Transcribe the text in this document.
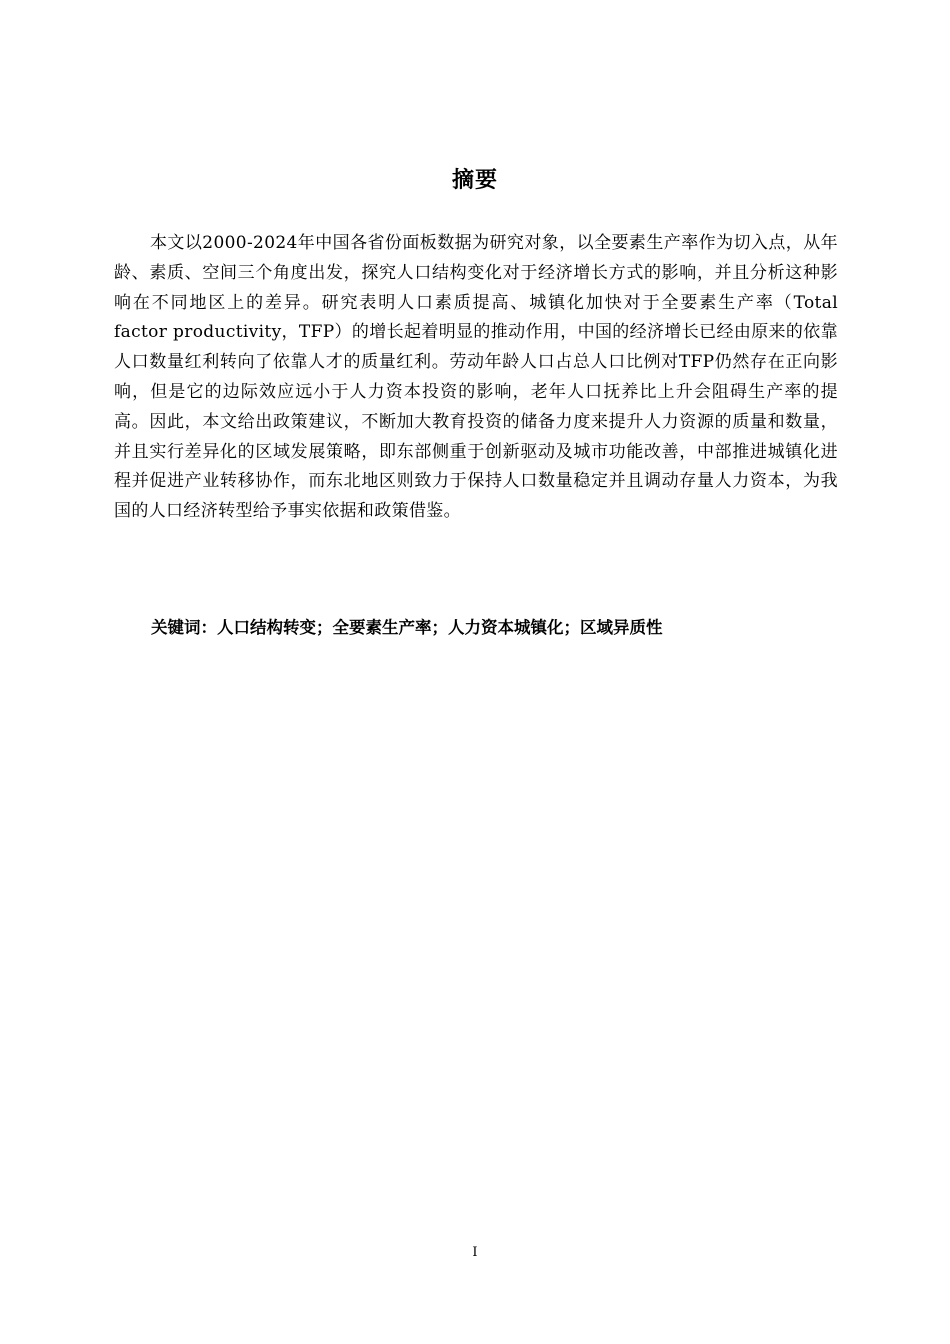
摘要

本文以2000-2024年中国各省份面板数据为研究对象，以全要素生产率作为切入点，从年龄、素质、空间三个角度出发，探究人口结构变化对于经济增长方式的影响，并且分析这种影响在不同地区上的差异。研究表明人口素质提高、城镇化加快对于全要素生产率（Total factor productivity，TFP）的增长起着明显的推动作用，中国的经济增长已经由原来的依靠人口数量红利转向了依靠人才的质量红利。劳动年龄人口占总人口比例对TFP仍然存在正向影响，但是它的边际效应远小于人力资本投资的影响，老年人口抚养比上升会阻碍生产率的提高。因此，本文给出政策建议，不断加大教育投资的储备力度来提升人力资源的质量和数量，并且实行差异化的区域发展策略，即东部侧重于创新驱动及城市功能改善，中部推进城镇化进程并促进产业转移协作，而东北地区则致力于保持人口数量稳定并且调动存量人力资本，为我国的人口经济转型给予事实依据和政策借鉴。

关键词：人口结构转变；全要素生产率；人力资本城镇化；区域异质性
I
